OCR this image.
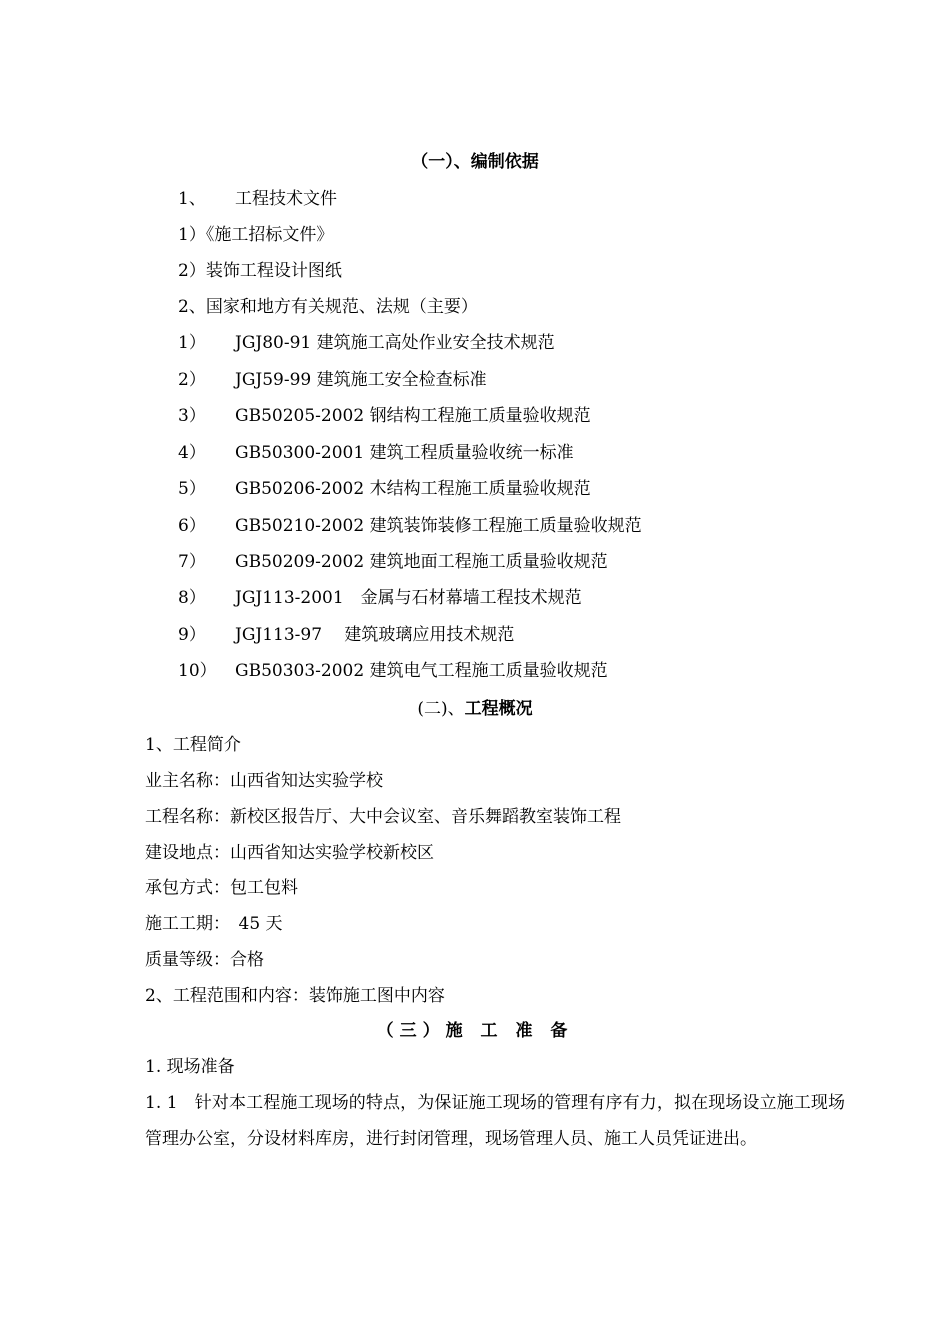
（一）、编制依据
1、 工程技术文件
1）《施工招标文件》
2）装饰工程设计图纸
2、国家和地方有关规范、法规（主要）
1） JGJ80-91 建筑施工高处作业安全技术规范
2） JGJ59-99 建筑施工安全检查标准
3） GB50205-2002 钢结构工程施工质量验收规范
4） GB50300-2001 建筑工程质量验收统一标准
5） GB50206-2002 木结构工程施工质量验收规范
6） GB50210-2002 建筑装饰装修工程施工质量验收规范
7） GB50209-2002 建筑地面工程施工质量验收规范
8） JGJ113-2001　金属与石材幕墙工程技术规范
9） JGJ113-97　 建筑玻璃应用技术规范
10） GB50303-2002 建筑电气工程施工质量验收规范
(二)、工程概况
1、工程简介
业主名称：山西省知达实验学校
工程名称：新校区报告厅、大中会议室、音乐舞蹈教室装饰工程
建设地点：山西省知达实验学校新校区
承包方式：包工包料
施工工期：　45 天
质量等级：合格
2、工程范围和内容：装饰施工图中内容
（三）施 工 准 备
1. 现场准备
1. 1　针对本工程施工现场的特点，为保证施工现场的管理有序有力，拟在现场设立施工现场管理办公室，分设材料库房，进行封闭管理，现场管理人员、施工人员凭证进出。
